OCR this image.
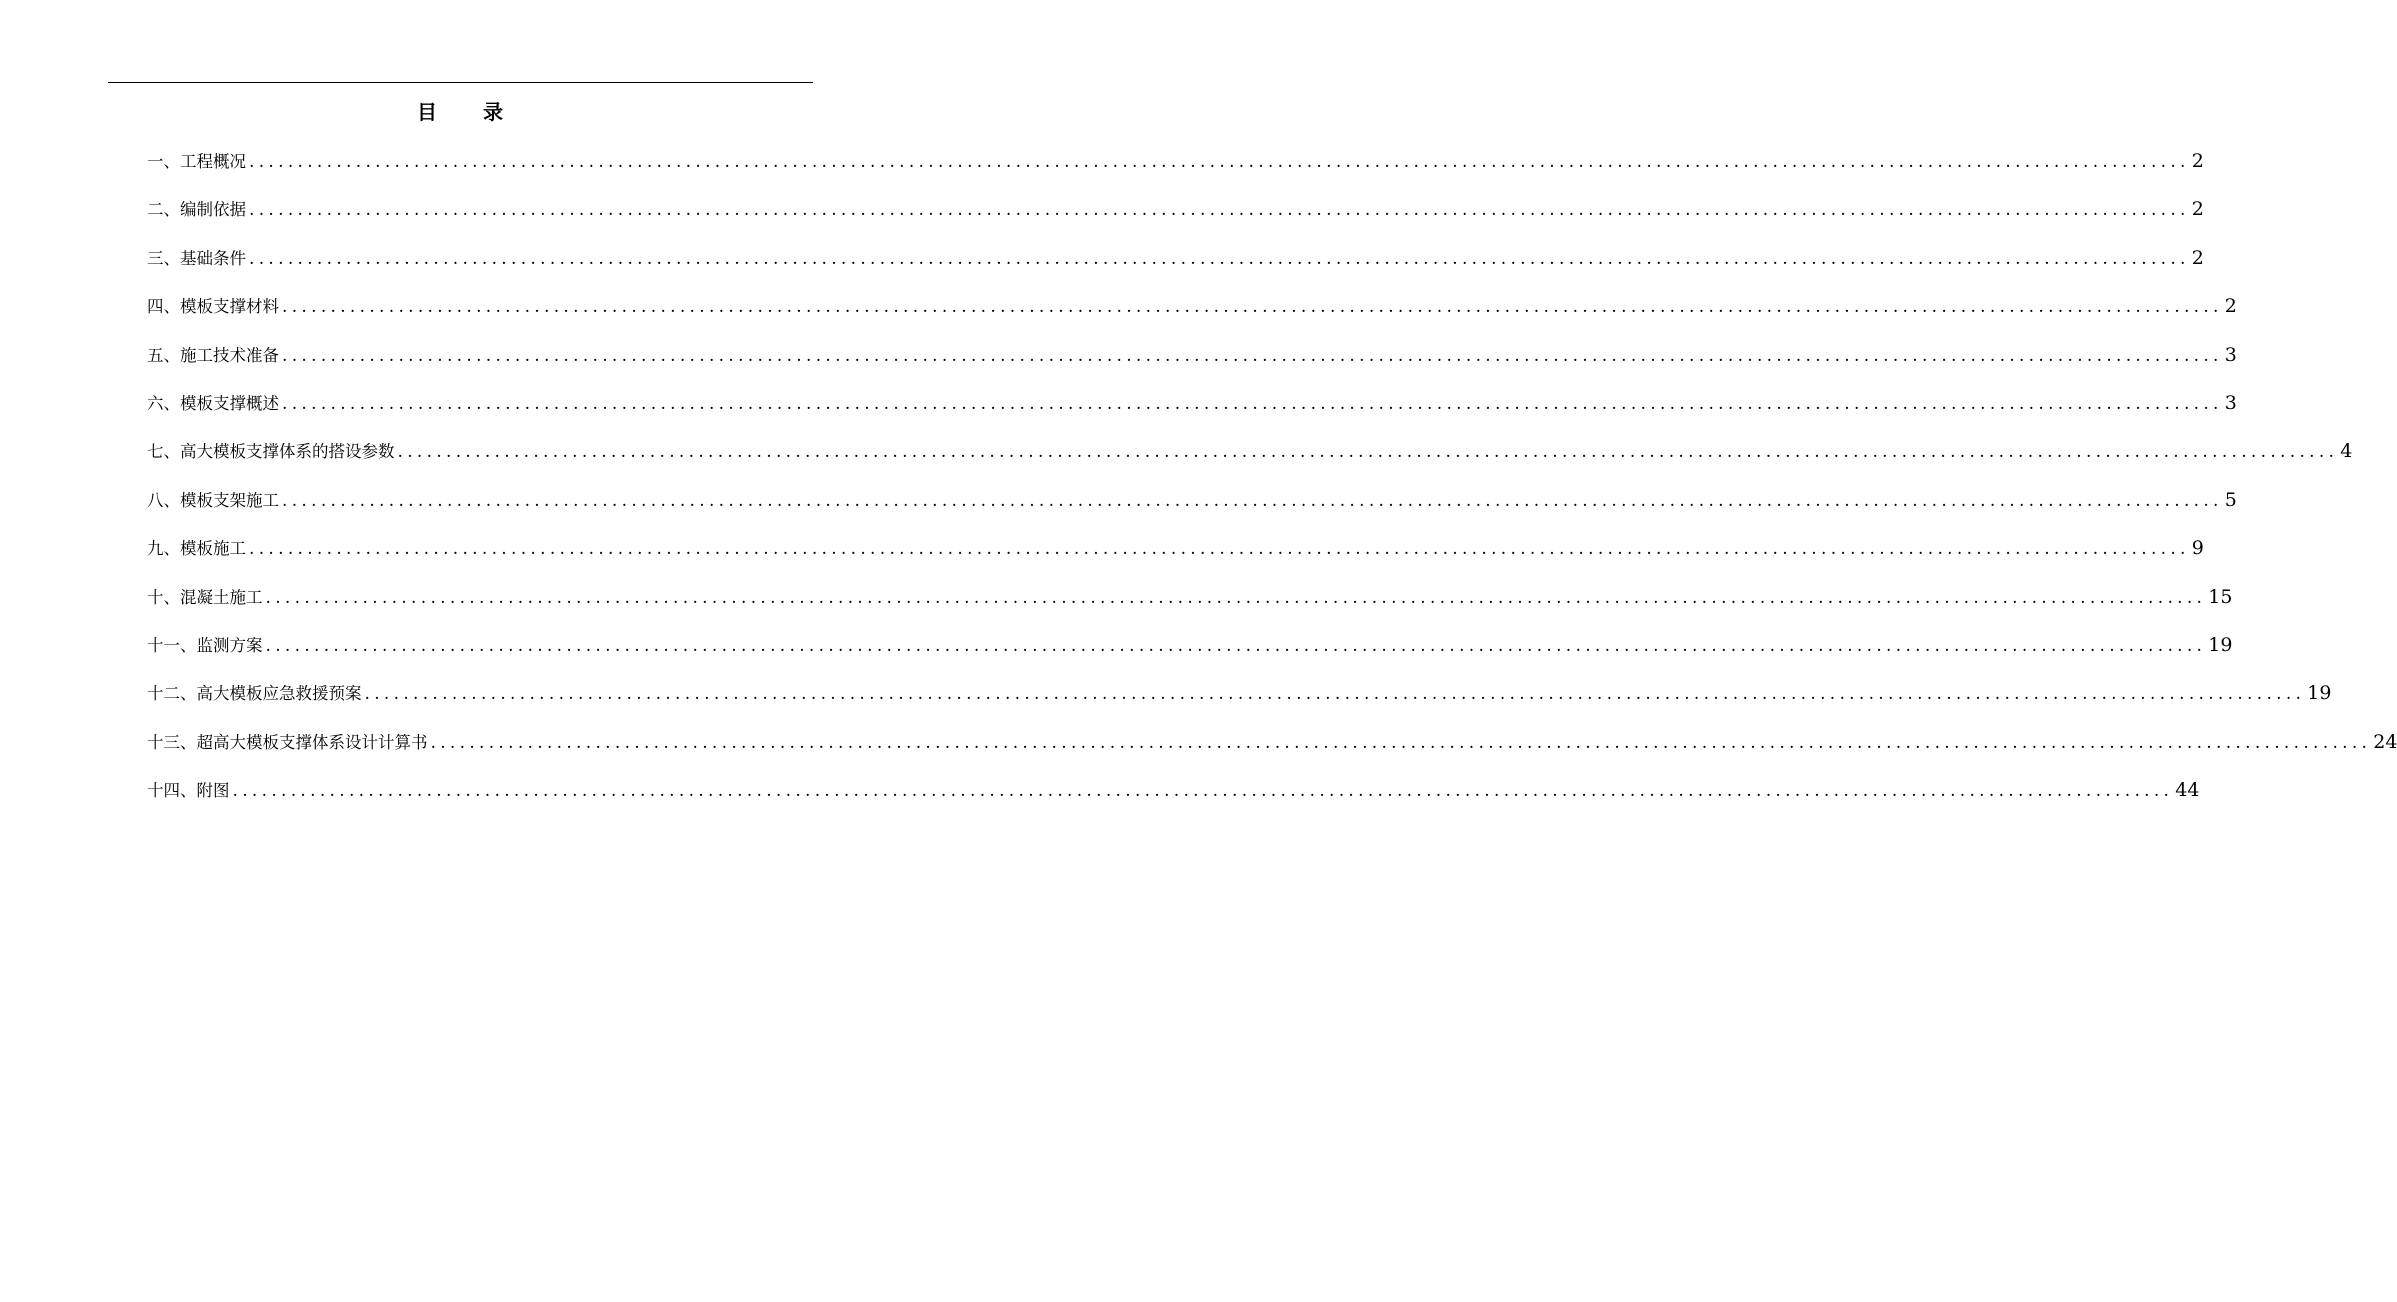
目录
一、工程概况 ........................................................................................................................................................................................................ 2
二、编制依据 ........................................................................................................................................................................................................ 2
三、基础条件 ........................................................................................................................................................................................................ 2
四、模板支撑材料 ........................................................................................................................................................................................................ 2
五、施工技术准备 ........................................................................................................................................................................................................ 3
六、模板支撑概述 ........................................................................................................................................................................................................ 3
七、高大模板支撑体系的搭设参数 ........................................................................................................................................................................................................ 4
八、模板支架施工 ........................................................................................................................................................................................................ 5
九、模板施工 ........................................................................................................................................................................................................ 9
十、混凝土施工 ........................................................................................................................................................................................................ 15
十一、监测方案 ........................................................................................................................................................................................................ 19
十二、高大模板应急救援预案 ........................................................................................................................................................................................................ 19
十三、超高大模板支撑体系设计计算书 ........................................................................................................................................................................................................ 24
十四、附图 ........................................................................................................................................................................................................ 44
